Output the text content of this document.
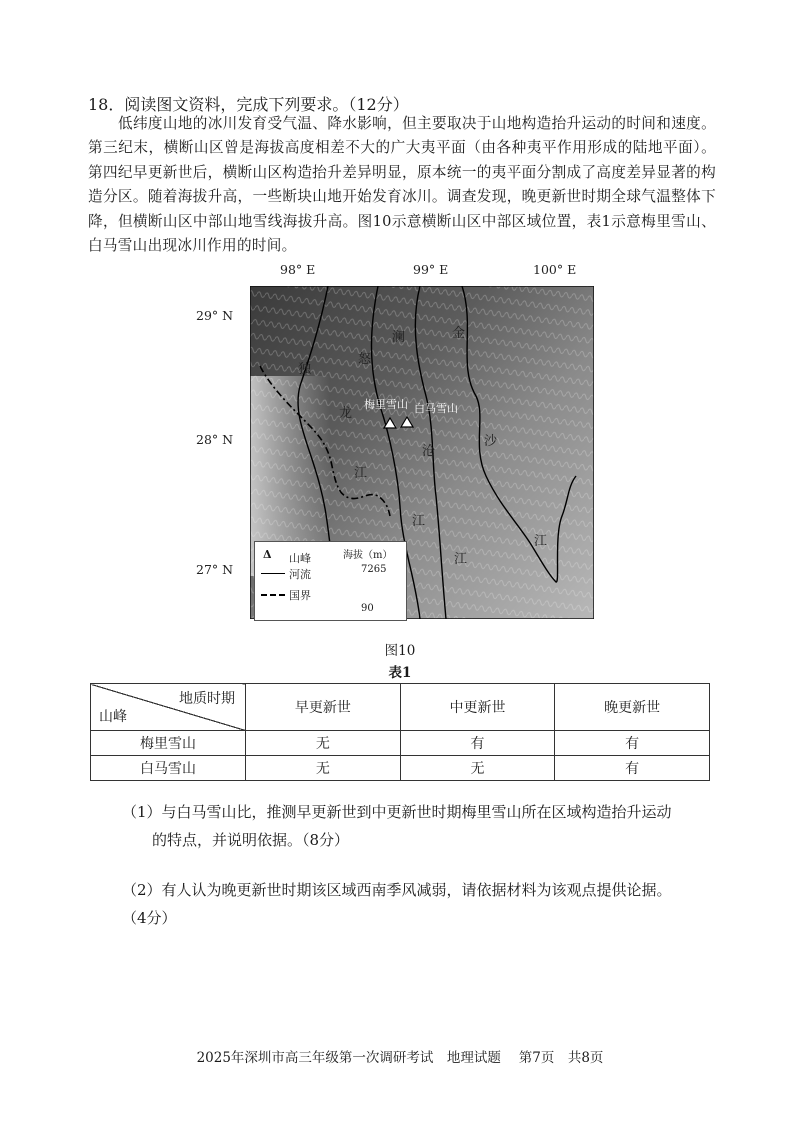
18．阅读图文资料，完成下列要求。（12分）
低纬度山地的冰川发育受气温、降水影响，但主要取决于山地构造抬升运动的时间和速度。第三纪末，横断山区曾是海拔高度相差不大的广大夷平面（由各种夷平作用形成的陆地平面）。第四纪早更新世后，横断山区构造抬升差异明显，原本统一的夷平面分割成了高度差异显著的构造分区。随着海拔升高，一些断块山地开始发育冰川。调查发现，晚更新世时期全球气温整体下降，但横断山区中部山地雪线海拔升高。图10示意横断山区中部区域位置，表1示意梅里雪山、白马雪山出现冰川作用的时间。
98° E	99° E	100° E
29° N
28° N
27° N
独
龙
江
怒
江
澜
沧
江
金
沙
江
梅里雪山 白马雪山
Δ 山峰
河流
国界
海拔（m）
7265
90
图10
表1
地质时期
山峰	早更新世	中更新世	晚更新世
梅里雪山	无	有	有
白马雪山	无	无	有
（1）与白马雪山比，推测早更新世到中更新世时期梅里雪山所在区域构造抬升运动
的特点，并说明依据。（8分）
（2）有人认为晚更新世时期该区域西南季风减弱，请依据材料为该观点提供论据。
（4分）
2025年深圳市高三年级第一次调研考试　地理试题　 第7页　共8页
